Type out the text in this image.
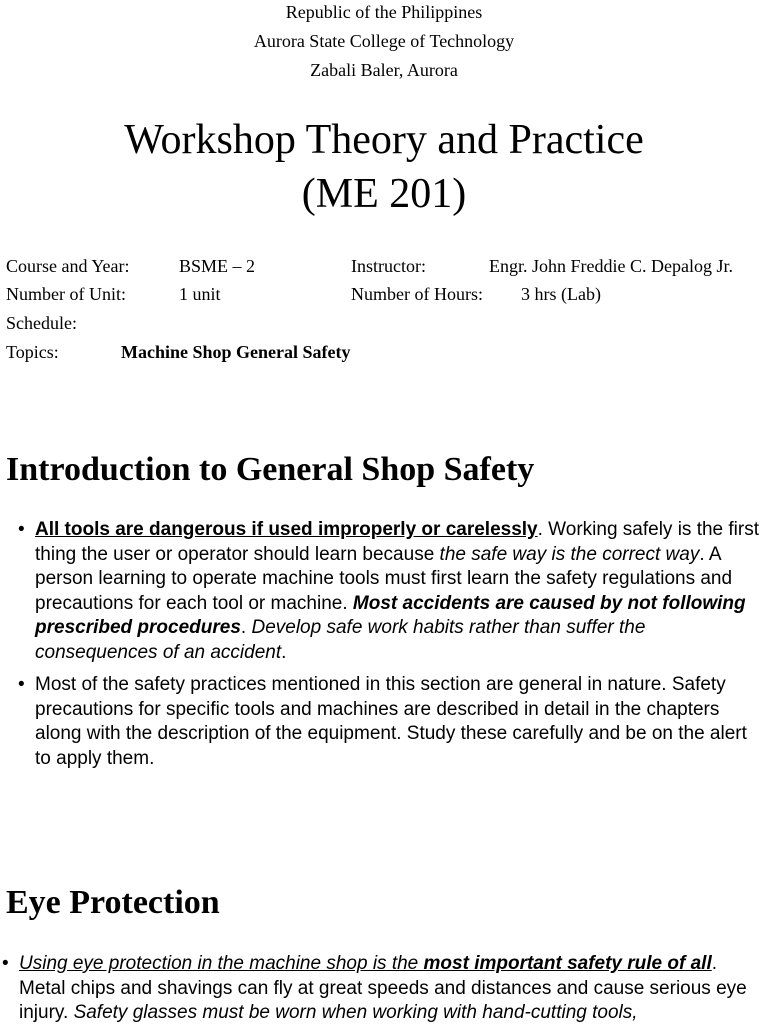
Republic of the Philippines
Aurora State College of Technology
Zabali Baler, Aurora
Workshop Theory and Practice
(ME 201)
Course and Year:	BSME – 2	Instructor:	Engr. John Freddie C. Depalog Jr.
Number of Unit:	1 unit	Number of Hours: 3 hrs (Lab)
Schedule:
Topics:	Machine Shop General Safety
Introduction to General Shop Safety
• All tools are dangerous if used improperly or carelessly. Working safely is the first thing the user or operator should learn because the safe way is the correct way. A person learning to operate machine tools must first learn the safety regulations and precautions for each tool or machine. Most accidents are caused by not following prescribed procedures. Develop safe work habits rather than suffer the consequences of an accident.
• Most of the safety practices mentioned in this section are general in nature. Safety precautions for specific tools and machines are described in detail in the chapters along with the description of the equipment. Study these carefully and be on the alert to apply them.
Eye Protection
• Using eye protection in the machine shop is the most important safety rule of all. Metal chips and shavings can fly at great speeds and distances and cause serious eye injury. Safety glasses must be worn when working with hand-cutting tools,
